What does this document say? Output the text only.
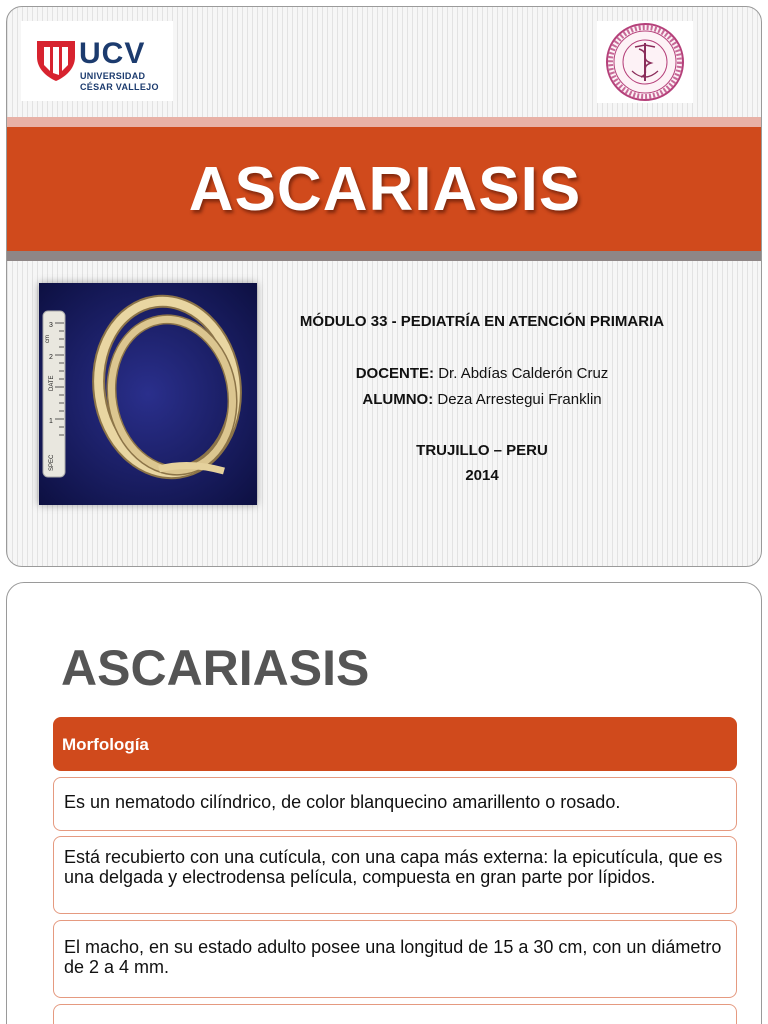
UCV
UNIVERSIDAD
CÉSAR VALLEJO
ASCARIASIS
3
2
1
DATE
SPEC
cm
MÓDULO 33 - PEDIATRÍA EN ATENCIÓN PRIMARIA
DOCENTE: Dr. Abdías Calderón Cruz
ALUMNO: Deza Arrestegui Franklin
TRUJILLO – PERU
2014
ASCARIASIS
Morfología
Es un nematodo cilíndrico, de color blanquecino amarillento o rosado.
Está recubierto con una cutícula, con una capa más externa: la epicutícula, que es una delgada y electrodensa película, compuesta en gran parte por lípidos.
El macho, en su estado adulto posee una longitud de 15 a 30 cm, con un diámetro de 2 a 4 mm.
